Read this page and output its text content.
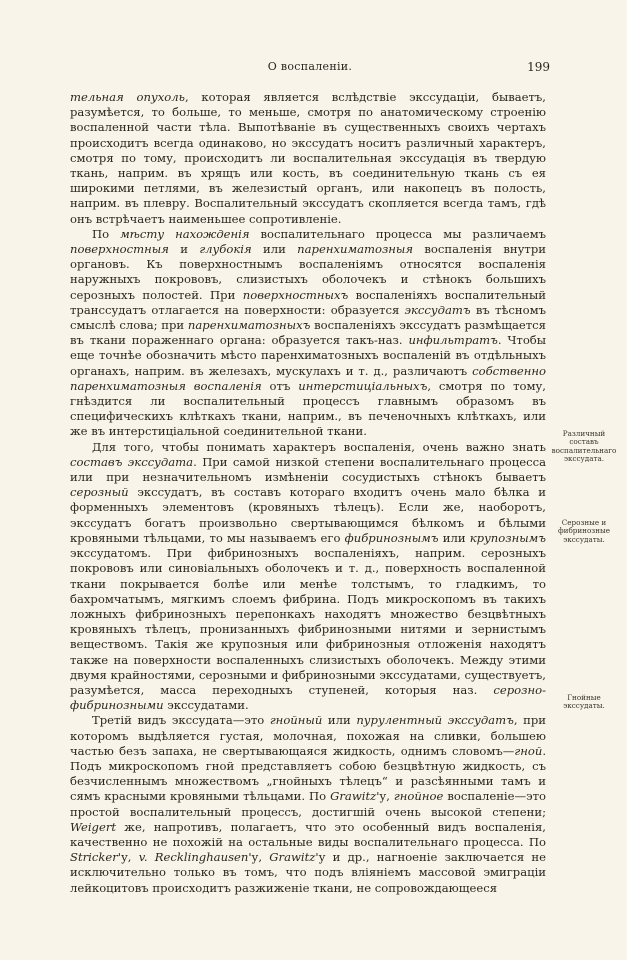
О воспаленiи.	199

тельная опухоль, которая является вслѣдствiе экссудацiи, бываетъ, разумѣется, то больше, то меньше, смотря по анатомическому строенiю воспаленной части тѣла. Выпотѣванiе въ существенныхъ своихъ чертахъ происходитъ всегда одинаково, но экссудатъ носитъ различный характеръ, смотря по тому, происходитъ ли воспалительная экссудацiя въ твердую ткань, наприм. въ хрящъ или кость, въ соединительную ткань съ ея широкими петлями, въ железистый органъ, или накопецъ въ полость, наприм. въ плевру. Воспалительный экссудатъ скопляется всегда тамъ, гдѣ онъ встрѣчаетъ наименьшее сопротивленiе.

По мѣсту нахожденiя воспалительнаго процесса мы различаемъ поверхностныя и глубокiя или паренхиматозныя воспаленiя внутри органовъ. Къ поверхностнымъ воспаленiямъ относятся воспаленiя наружныхъ покрововъ, слизистыхъ оболочекъ и стѣнокъ большихъ серозныхъ полостей. При поверхностныхъ воспаленiяхъ воспалительный транссудатъ отлагается на поверхности: образуется экссудатъ въ тѣсномъ смыслѣ слова; при паренхиматозныхъ воспаленiяхъ экссудатъ размѣщается въ ткани пораженнаго органа: образуется такъ-наз. инфильтратъ. Чтобы еще точнѣе обозначить мѣсто паренхиматозныхъ воспаленiй въ отдѣльныхъ органахъ, наприм. въ железахъ, мускулахъ и т. д., различаютъ собственно паренхиматозныя воспаленiя отъ интерстицiальныхъ, смотря по тому, гнѣздится ли воспалительный процессъ главнымъ образомъ въ специфическихъ клѣткахъ ткани, наприм., въ печеночныхъ клѣткахъ, или же въ интерстицiальной соединительной ткани.

Для того, чтобы понимать характеръ воспаленiя, очень важно знать составъ экссудата. При самой низкой степени воспалительнаго процесса или при незначительномъ измѣненiи сосудистыхъ стѣнокъ бываетъ серозный экссудатъ, въ составъ котораго входитъ очень мало бѣлка и форменныхъ элементовъ (кровяныхъ тѣлецъ). Если же, наоборотъ, экссудатъ богатъ произвольно свертывающимся бѣлкомъ и бѣлыми кровяными тѣльцами, то мы называемъ его фибринознымъ или крупознымъ экссудатомъ. При фибринозныхъ воспаленiяхъ, наприм. серозныхъ покрововъ или синовiальныхъ оболочекъ и т. д., поверхность воспаленной ткани покрывается болѣе или менѣе толстымъ, то гладкимъ, то бахромчатымъ, мягкимъ слоемъ фибрина. Подъ микроскопомъ въ такихъ ложныхъ фибринозныхъ перепонкахъ находятъ множество безцвѣтныхъ кровяныхъ тѣлецъ, пронизанныхъ фибринозными нитями и зернистымъ веществомъ. Такiя же крупозныя или фибринозныя отложенiя находятъ также на поверхности воспаленныхъ слизистыхъ оболочекъ. Между этими двумя крайностями, серозными и фибринозными экссудатами, существуетъ, разумѣется, масса переходныхъ ступеней, которыя наз. серозно-фибринозными экссудатами.

Третiй видъ экссудата—это гнойный или пурулентный экссудатъ, при которомъ выдѣляется густая, молочная, похожая на сливки, большею частью безъ запаха, не свертывающаяся жидкость, однимъ словомъ—гной. Подъ микроскопомъ гной представляетъ собою безцвѣтную жидкость, съ безчисленнымъ множествомъ „гнойныхъ тѣлецъ“ и разсѣянными тамъ и сямъ красными кровяными тѣльцами. По Grawitz'у, гнойное воспаленiе—это простой воспалительный процессъ, достигшiй очень высокой степени; Weigert же, напротивъ, полагаетъ, что это особенный видъ воспаленiя, качественно не похожiй на остальные виды воспалительнаго процесса. По Stricker'у, v. Recklinghausen'у, Grawitz'у и др., нагноенiе заключается не исключительно только въ томъ, что подъ влiянiемъ массовой эмиграцiи лейкоцитовъ происходитъ разжиженiе ткани, не сопровождающееся

Различный составъ воспалительнаго экссудата.
Серозные и фибринозные экссудаты.
Гнойные экссудаты.
